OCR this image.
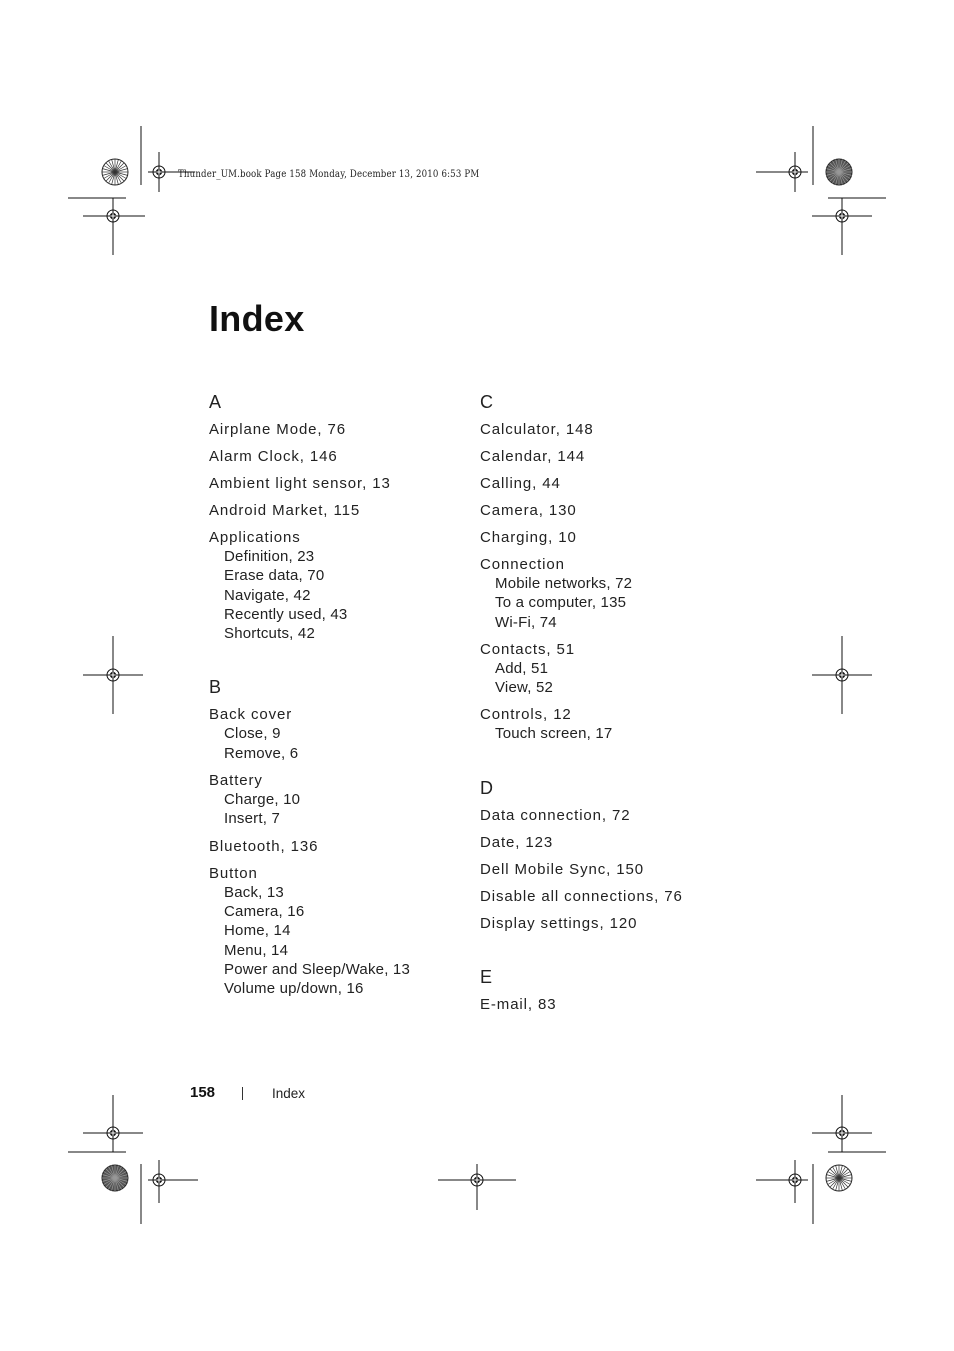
Thunder_UM.book Page 158 Monday, December 13, 2010 6:53 PM
Index
A
Airplane Mode, 76
Alarm Clock, 146
Ambient light sensor, 13
Android Market, 115
Applications
Definition, 23
Erase data, 70
Navigate, 42
Recently used, 43
Shortcuts, 42
B
Back cover
Close, 9
Remove, 6
Battery
Charge, 10
Insert, 7
Bluetooth, 136
Button
Back, 13
Camera, 16
Home, 14
Menu, 14
Power and Sleep/Wake, 13
Volume up/down, 16
C
Calculator, 148
Calendar, 144
Calling, 44
Camera, 130
Charging, 10
Connection
Mobile networks, 72
To a computer, 135
Wi-Fi, 74
Contacts, 51
Add, 51
View, 52
Controls, 12
Touch screen, 17
D
Data connection, 72
Date, 123
Dell Mobile Sync, 150
Disable all connections, 76
Display settings, 120
E
E-mail, 83
158	Index
